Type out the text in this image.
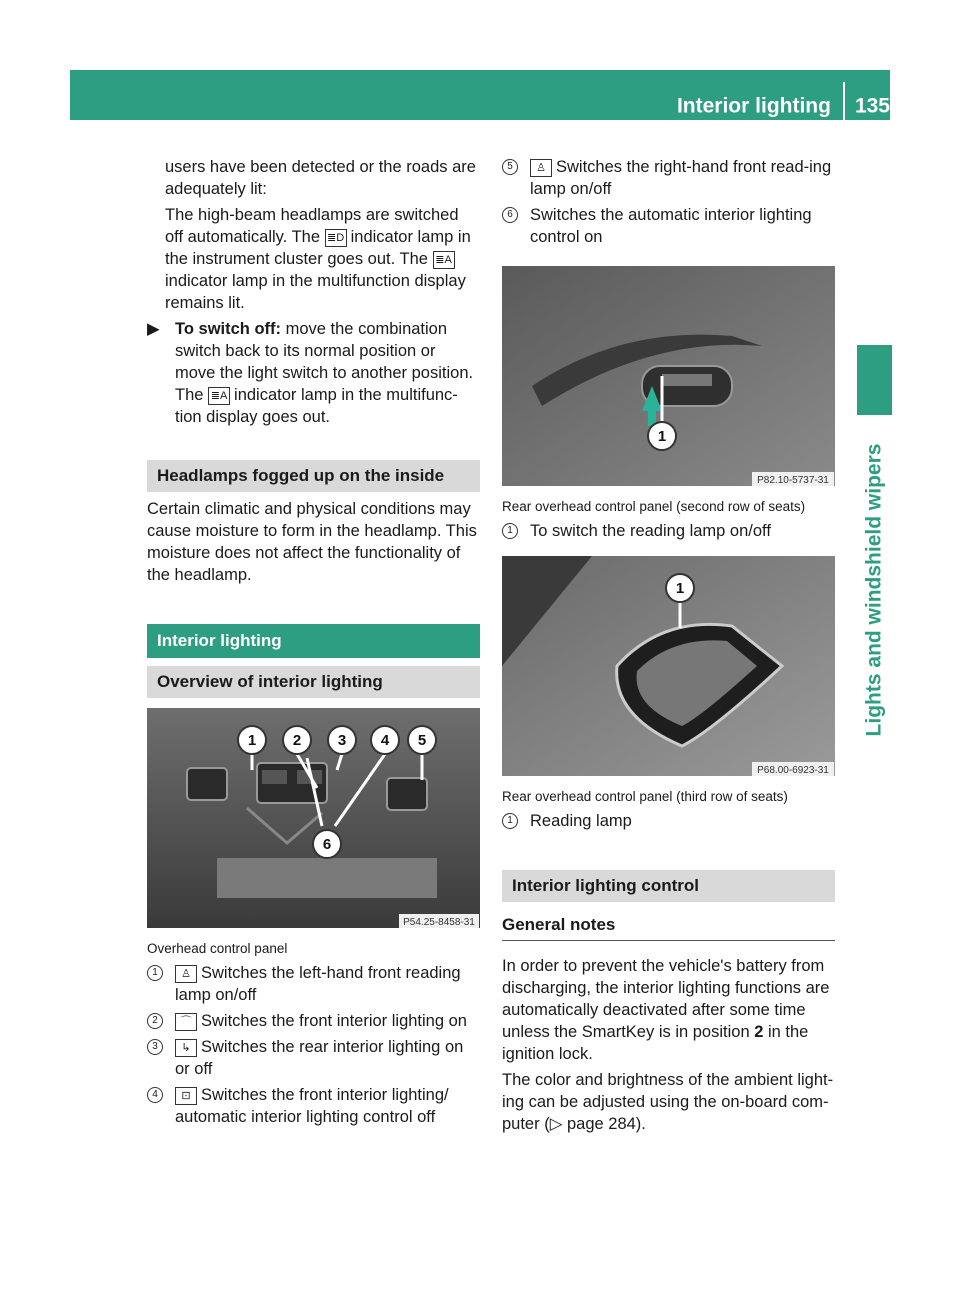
Interior lighting 135
Lights and windshield wipers

users have been detected or the roads are adequately lit:

The high-beam headlamps are switched off automatically. The ≣D indicator lamp in the instrument cluster goes out. The ≣Aindicator lamp in the multifunction display remains lit.

▶ To switch off: move the combination switch back to its normal position or move the light switch to another position. The ≣A indicator lamp in the multifunc-tion display goes out.
Headlamps fogged up on the inside

Certain climatic and physical conditions may cause moisture to form in the headlamp. This moisture does not affect the functionality of the headlamp.

Interior lighting
Overview of interior lighting
1 2 3 4 5
6
P54.25-8458-31

Overhead control panel

1	♙ Switches the left-hand front reading lamp on/off
2	⌒ Switches the front interior lighting on
3	↳ Switches the rear interior lighting on or off
4	⊡ Switches the front interior lighting/ automatic interior lighting control off
5	♙ Switches the right-hand front read-ing lamp on/off
6	Switches the automatic interior lighting control on
1
P82.10-5737-31

Rear overhead control panel (second row of seats)

1	To switch the reading lamp on/off
1
P68.00-6923-31

Rear overhead control panel (third row of seats)

1	Reading lamp
Interior lighting control
General notes

In order to prevent the vehicle's battery from discharging, the interior lighting functions are automatically deactivated after some time unless the SmartKey is in position 2 in the ignition lock.

The color and brightness of the ambient light-ing can be adjusted using the on-board com-puter (▷ page 284).
